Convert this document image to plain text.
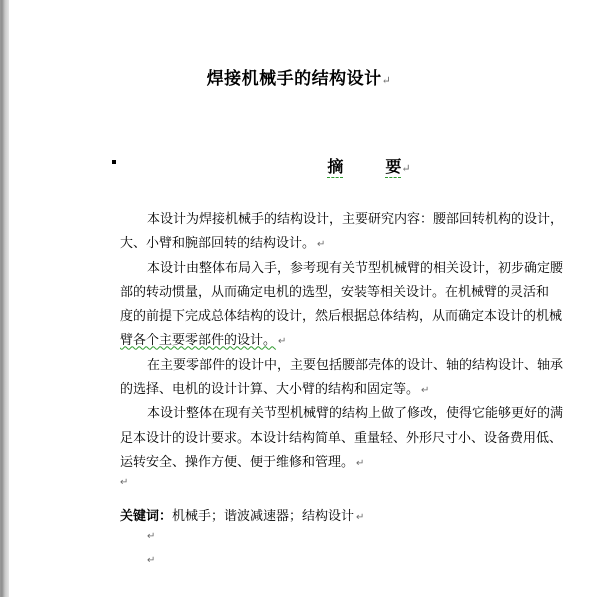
焊接机械手的结构设计↵
摘	要↵
本设计为焊接机械手的结构设计，主要研究内容：腰部回转机构的设计，
大、小臂和腕部回转的结构设计。 ↵
本设计由整体布局入手，参考现有关节型机械臂的相关设计，初步确定腰
部的转动惯量，从而确定电机的选型，安装等相关设计。在机械臂的灵活和
度的前提下完成总体结构的设计，然后根据总体结构，从而确定本设计的机械
臂各个主要零部件的设计。 ↵
在主要零部件的设计中，主要包括腰部壳体的设计、轴的结构设计、轴承
的选择、电机的设计计算、大小臂的结构和固定等。 ↵
本设计整体在现有关节型机械臂的结构上做了修改，使得它能够更好的满
足本设计的设计要求。本设计结构简单、重量轻、外形尺寸小、设备费用低、
运转安全、操作方便、便于维修和管理。 ↵
↵
关键词：机械手；谐波减速器；结构设计 ↵
↵
↵
